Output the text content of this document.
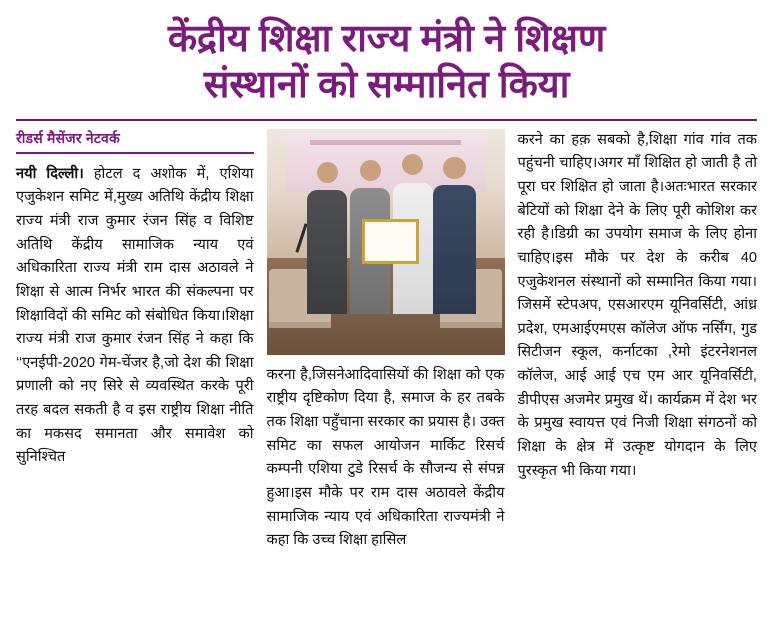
केंद्रीय शिक्षा राज्य मंत्री ने शिक्षण
संस्थानों को सम्मानित किया
रीडर्स मैसेंजर नेटवर्क
नयी दिल्ली। होटल द अशोक में, एशिया एजुकेशन समिट में,मुख्य अतिथि केंद्रीय शिक्षा राज्य मंत्री राज कुमार रंजन सिंह व विशिष्ट अतिथि केंद्रीय सामाजिक न्याय एवं अधिकारिता राज्य मंत्री राम दास अठावले ने शिक्षा से आत्म निर्भर भारत की संकल्पना पर शिक्षाविदों की समिट को संबोधित किया।शिक्षा राज्य मंत्री राज कुमार रंजन सिंह ने कहा कि ‘‘एनईपी-2020 गेम-चेंजर है,जो देश की शिक्षा प्रणाली को नए सिरे से व्यवस्थित करके पूरी तरह बदल सकती है व इस राष्ट्रीय शिक्षा नीति का मकसद समानता और समावेश को सुनिश्चित
करना है,जिसनेआदिवासियों की शिक्षा को एक राष्ट्रीय दृष्टिकोण दिया है, समाज के हर तबके तक शिक्षा पहुँचाना सरकार का प्रयास है। उक्त समिट का सफल आयोजन मार्किट रिसर्च कम्पनी एशिया टुडे रिसर्च के सौजन्य से संपन्न हुआ।इस मौके पर राम दास अठावले केंद्रीय सामाजिक न्याय एवं अधिकारिता राज्यमंत्री ने कहा कि उच्च शिक्षा हासिल
करने का हक़ सबको है,शिक्षा गांव गांव तक पहुंचनी चाहिए।अगर माँ शिक्षित हो जाती है तो पूरा घर शिक्षित हो जाता है।अतःभारत सरकार बेटियों को शिक्षा देने के लिए पूरी कोशिश कर रही है।डिग्री का उपयोग समाज के लिए होना चाहिए।इस मौके पर देश के करीब 40 एजुकेशनल संस्थानों को सम्मानित किया गया। जिसमें स्टेपअप, एसआरएम यूनिवर्सिटी, आंध्र प्रदेश, एमआईएमएस कॉलेज ऑफ नर्सिंग, गुड सिटीजन स्कूल, कर्नाटका ,रेमो इंटरनेशनल कॉलेज, आई आई एच एम आर यूनिवर्सिटी, डीपीएस अजमेर प्रमुख थें। कार्यक्रम में देश भर के प्रमुख स्वायत्त एवं निजी शिक्षा संगठनों को शिक्षा के क्षेत्र में उत्कृष्ट योगदान के लिए पुरस्कृत भी किया गया।
